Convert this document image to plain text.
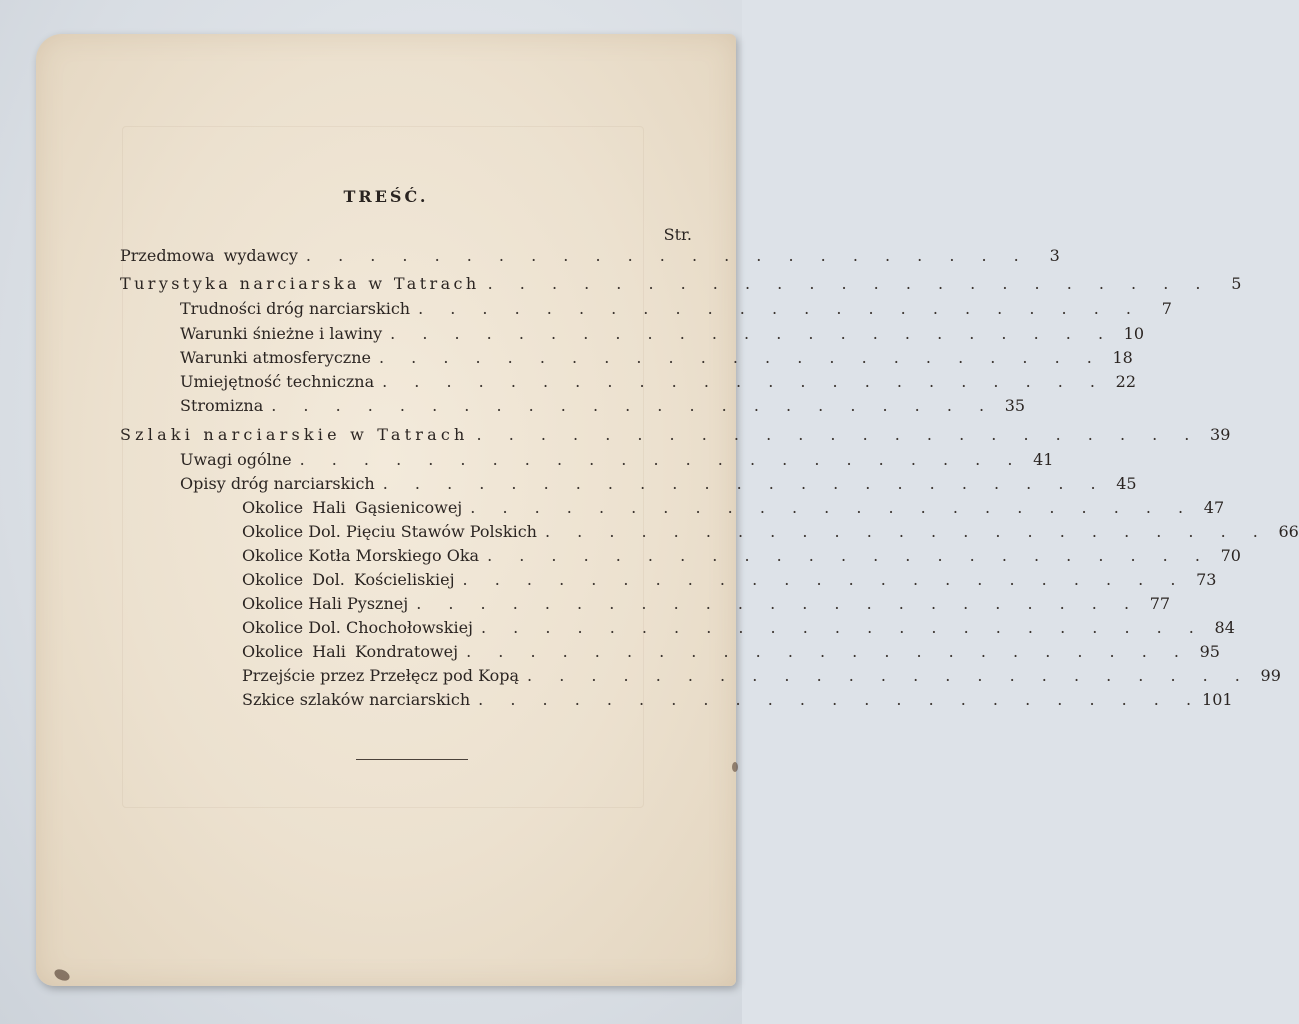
TREŚĆ.
Str.
Przedmowa wydawcy . . . . . . . . . . . . . . . . . . . . . . .	3
Turystyka narciarska w Tatrach . . . . . . . . . . . . . . . . . . . . . . .	5
Trudności dróg narciarskich . . . . . . . . . . . . . . . . . . . . . . .	7
Warunki śnieżne i lawiny . . . . . . . . . . . . . . . . . . . . . . . 10
Warunki atmosferyczne . . . . . . . . . . . . . . . . . . . . . . . 18
Umiejętność techniczna . . . . . . . . . . . . . . . . . . . . . . . 22
Stromizna . . . . . . . . . . . . . . . . . . . . . . . 35
Szlaki narciarskie w Tatrach . . . . . . . . . . . . . . . . . . . . . . . 39
Uwagi ogólne . . . . . . . . . . . . . . . . . . . . . . . 41
Opisy dróg narciarskich . . . . . . . . . . . . . . . . . . . . . . . 45
Okolice Hali Gąsienicowej . . . . . . . . . . . . . . . . . . . . . . . 47
Okolice Dol. Pięciu Stawów Polskich . . . . . . . . . . . . . . . . . . . . . . . 66
Okolice Kotła Morskiego Oka . . . . . . . . . . . . . . . . . . . . . . . 70
Okolice Dol. Kościeliskiej . . . . . . . . . . . . . . . . . . . . . . . 73
Okolice Hali Pysznej . . . . . . . . . . . . . . . . . . . . . . . 77
Okolice Dol. Chochołowskiej . . . . . . . . . . . . . . . . . . . . . . . 84
Okolice Hali Kondratowej . . . . . . . . . . . . . . . . . . . . . . . 95
Przejście przez Przełęcz pod Kopą . . . . . . . . . . . . . . . . . . . . . . . 99
Szkice szlaków narciarskich . . . . . . . . . . . . . . . . . . . . . . . 101
